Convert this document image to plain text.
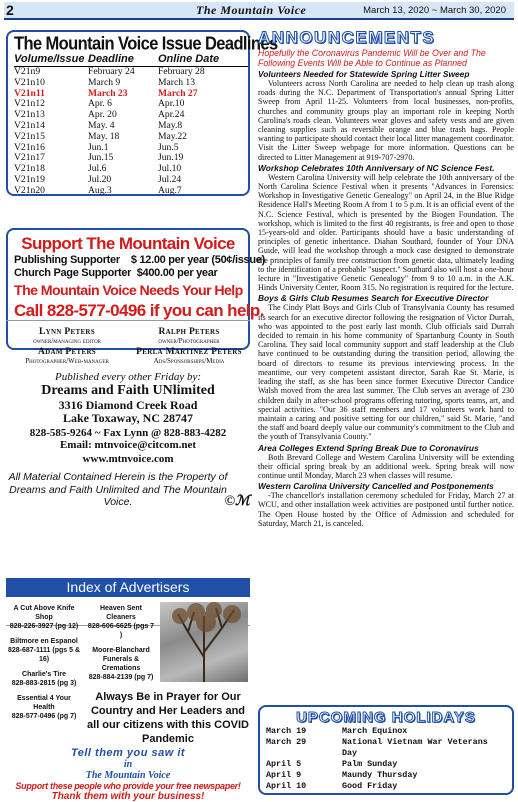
2	The Mountain Voice	March 13, 2020 ~ March 30, 2020
The Mountain Voice Issue Deadlines
Volume/Issue Deadline	Online Date
V21n9	February 24	February 28
V21n10	March 9	March 13
V21n11	March 23	March 27
V21n12	Apr. 6	Apr.10
V21n13	Apr. 20	Apr.24
V21n14	May. 4	May.8
V21n15	May. 18	May.22
V21n16	Jun.1	Jun.5
V21n17	Jun.15	Jun.19
V21n18	Jul.6	Jul.10
V21n19	Jul.20	Jul.24
V21n20	Aug.3	Aug.7
Support The Mountain Voice
Publishing Supporter $ 12.00 per year (50¢/issue)
Church Page Supporter $400.00 per year
The Mountain Voice Needs Your Help
Call 828-577-0496 if you can help.
Lynn Peters
owner/managing editor
Ralph Peters
owner/Photographer
Adam Peters
Photographer/Web-manager
Perla Martinez Peters
Ads/Sponsorships/Media
Published every other Friday by:
Dreams and Faith UNlimited
3316 Diamond Creek Road
Lake Toxaway, NC 28747
828-585-9264 ~ Fax Lynn @ 828-883-4282
Email: mtnvoice@citcom.net
www.mtnvoice.com
All Material Contained Herein is the Property of Dreams and Faith Unlimited and The Mountain Voice.	©ℳ
Index of Advertisers
A Cut Above Knife Shop
828-226-3927 (pg 12)
Biltmore en Espanol
828-687-1111 (pgs 5 & 16)
Charlie's Tire
828-883-2815 (pg 3)
Essential 4 Your Health
828-577-0496 (pg 7)
Heaven Sent Cleaners
828-606-6625 (pgs 7 )
Moore-Blanchard Funerals & Cremations
828-884-2139 (pg 7)
Always Be in Prayer for Our Country and Her Leaders and all our citizens with this COVID Pandemic
Tell them you saw it
in
The Mountain Voice
Support these people who provide your free newspaper!
Thank them with your business!
ANNOUNCEMENTS
Hopefully the Coronavirus Pandemic Will be Over and The Following Events Will be Able to Continue as Planned
Volunteers Needed for Statewide Spring Litter Sweep

Volunteers across North Carolina are needed to help clean up trash along roads during the N.C. Department of Transportation's annual Spring Litter Sweep from April 11-25. Volunteers from local businesses, non-profits, churches and community groups play an important role in keeping North Carolina's roads clean. Volunteers wear gloves and safety vests and are given cleaning supplies such as reversible orange and blue trash bags. People wanting to participate should contact their local litter management coordinator. Visit the Litter Sweep webpage for more information. Questions can be directed to Litter Management at 919-707-2970.

Workshop Celebrates 10th Anniversary of NC Science Fest.

Western Carolina University will help celebrate the 10th anniversary of the North Carolina Science Festival when it presents "Advances in Forensics: Workshop in Investigative Genetic Genealogy" on April 24, in the Blue Ridge Residence Hall's Meeting Room A from 1 to 5 p.m. It is an official event of the N.C. Science Festival, which is presented by the Biogen Foundation. The workshop, which is limited to the first 40 registrants, is free and open to those 15-years-old and older. Participants should have a basic understanding of principles of genetic inheritance. Diahan Southard, founder of Your DNA Guide, will lead the workshop through a mock case designed to demonstrate the principles of family tree construction from genetic data, ultimately leading to the identification of a probable "suspect." Southard also will host a one-hour lecture in "Investigative Genetic Genealogy" from 9 to 10 a.m. in the A.K. Hinds University Center, Room 315. No registration is required for the lecture.

Boys & Girls Club Resumes Search for Executive Director

The Cindy Platt Boys and Girls Club of Transylvania County has resumed its search for an executive director following the resignation of Victor Durrah, who was appointed to the post early last month. Club officials said Durrah decided to remain in his home community of Spartanburg County in South Carolina. They said local community support and staff leadership at the Club have continued to be outstanding during the transition period, allowing the board of directors to resume its previous interviewing process. In the meantime, our very competent assistant director, Sarah Rae St. Marie, is leading the staff, as she has been since former Executive Director Candice Walsh moved from the area last summer. The Club serves an average of 230 children daily in after-school programs offering tutoring, sports teams, art, and special activities. "Our 36 staff members and 17 volunteers work hard to maintain a caring and positive setting for our children," said St. Marie, "and the staff and board deeply value our community's commitment to the Club and the youth of Transylvania County."

Area Colleges Extend Spring Break Due to Coronavirus

Both Brevard College and Western Carolina University will be extending their official spring break by an additional week. Spring break will now continue until Monday, March 23 when classes will resume.

Western Carolina University Cancelled and Postponements

-The chancellor's installation ceremony scheduled for Friday, March 27 at WCU, and other installation week activities are postponed until further notice. The Open House hosted by the Office of Admission and scheduled for Saturday, March 21, is canceled.

UPCOMING HOLIDAYS
March 19	March Equinox
March 29	National Vietnam War Veterans Day
April 5	Palm Sunday
April 9	Maundy Thursday
April 10	Good Friday
